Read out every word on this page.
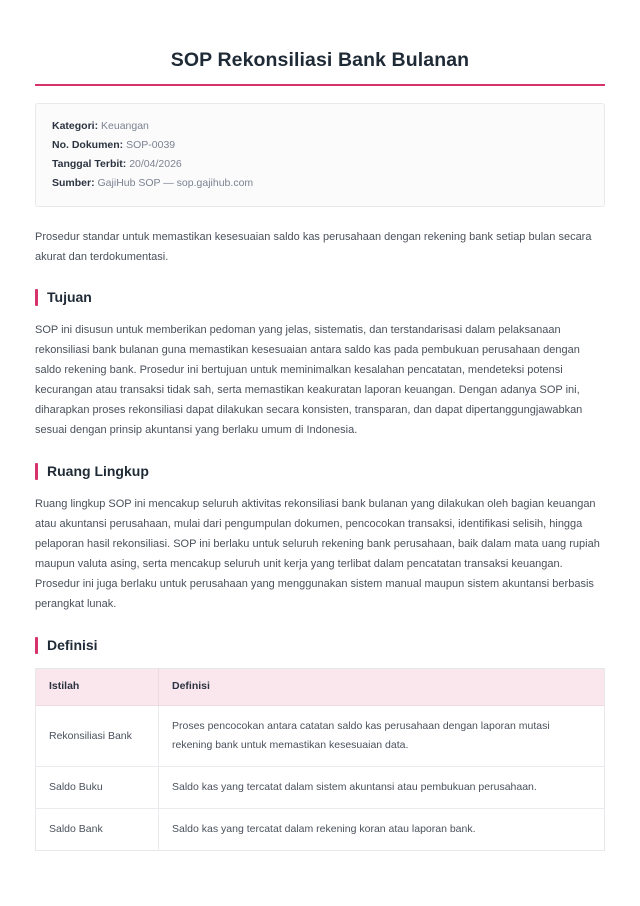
SOP Rekonsiliasi Bank Bulanan
Kategori: Keuangan
No. Dokumen: SOP-0039
Tanggal Terbit: 20/04/2026
Sumber: GajiHub SOP — sop.gajihub.com

Prosedur standar untuk memastikan kesesuaian saldo kas perusahaan dengan rekening bank setiap bulan secara akurat dan terdokumentasi.

Tujuan

SOP ini disusun untuk memberikan pedoman yang jelas, sistematis, dan terstandarisasi dalam pelaksanaan rekonsiliasi bank bulanan guna memastikan kesesuaian antara saldo kas pada pembukuan perusahaan dengan saldo rekening bank. Prosedur ini bertujuan untuk meminimalkan kesalahan pencatatan, mendeteksi potensi kecurangan atau transaksi tidak sah, serta memastikan keakuratan laporan keuangan. Dengan adanya SOP ini, diharapkan proses rekonsiliasi dapat dilakukan secara konsisten, transparan, dan dapat dipertanggungjawabkan sesuai dengan prinsip akuntansi yang berlaku umum di Indonesia.

Ruang Lingkup

Ruang lingkup SOP ini mencakup seluruh aktivitas rekonsiliasi bank bulanan yang dilakukan oleh bagian keuangan atau akuntansi perusahaan, mulai dari pengumpulan dokumen, pencocokan transaksi, identifikasi selisih, hingga pelaporan hasil rekonsiliasi. SOP ini berlaku untuk seluruh rekening bank perusahaan, baik dalam mata uang rupiah maupun valuta asing, serta mencakup seluruh unit kerja yang terlibat dalam pencatatan transaksi keuangan. Prosedur ini juga berlaku untuk perusahaan yang menggunakan sistem manual maupun sistem akuntansi berbasis perangkat lunak.

Definisi
Istilah	Definisi
Rekonsiliasi Bank	Proses pencocokan antara catatan saldo kas perusahaan dengan laporan mutasi rekening bank untuk memastikan kesesuaian data.
Saldo Buku	Saldo kas yang tercatat dalam sistem akuntansi atau pembukuan perusahaan.
Saldo Bank	Saldo kas yang tercatat dalam rekening koran atau laporan bank.
